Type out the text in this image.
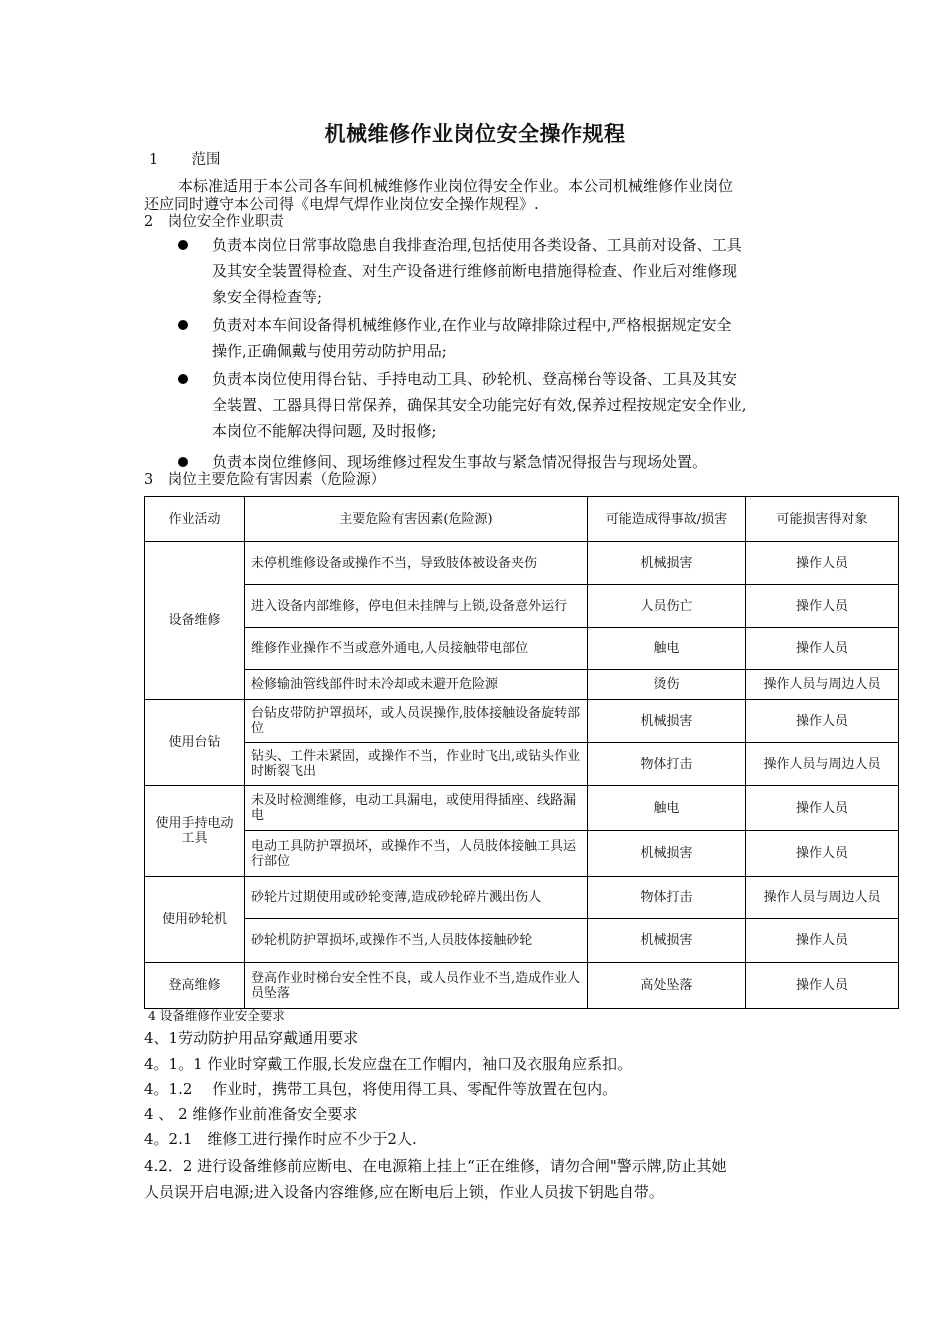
机械维修作业岗位安全操作规程
1 范围
本标准适用于本公司各车间机械维修作业岗位得安全作业。本公司机械维修作业岗位
还应同时遵守本公司得《电焊气焊作业岗位安全操作规程》.
2　岗位安全作业职责
负责本岗位日常事故隐患自我排查治理,包括使用各类设备、工具前对设备、工具
及其安全装置得检查、对生产设备进行维修前断电措施得检查、作业后对维修现
象安全得检查等;
负责对本车间设备得机械维修作业,在作业与故障排除过程中,严格根据规定安全
操作,正确佩戴与使用劳动防护用品;
负责本岗位使用得台钻、手持电动工具、砂轮机、登高梯台等设备、工具及其安
全装置、工器具得日常保养，确保其安全功能完好有效,保养过程按规定安全作业,
本岗位不能解决得问题, 及时报修;
负责本岗位维修间、现场维修过程发生事故与紧急情况得报告与现场处置。
3　岗位主要危险有害因素（危险源）
作业活动	主要危险有害因素(危险源)	可能造成得事故/损害	可能损害得对象
设备维修	未停机维修设备或操作不当，导致肢体被设备夹伤	机械损害	操作人员
	进入设备内部维修，停电但未挂牌与上锁,设备意外运行	人员伤亡	操作人员
	维修作业操作不当或意外通电,人员接触带电部位	触电	操作人员
	检修输油管线部件时未冷却或未避开危险源	烫伤	操作人员与周边人员
使用台钻	台钻皮带防护罩损坏，或人员误操作,肢体接触设备旋转部位	机械损害	操作人员
	钻头、工件未紧固，或操作不当，作业时飞出,或钻头作业时断裂飞出	物体打击	操作人员与周边人员
使用手持电动工具	未及时检测维修，电动工具漏电，或使用得插座、线路漏电	触电	操作人员
	电动工具防护罩损坏，或操作不当，人员肢体接触工具运行部位	机械损害	操作人员
使用砂轮机	砂轮片过期使用或砂轮变薄,造成砂轮碎片溅出伤人	物体打击	操作人员与周边人员
	砂轮机防护罩损坏,或操作不当,人员肢体接触砂轮	机械损害	操作人员
登高维修	登高作业时梯台安全性不良，或人员作业不当,造成作业人员坠落	高处坠落	操作人员
4 设备维修作业安全要求
4、1劳动防护用品穿戴通用要求
4。1。1 作业时穿戴工作服,长发应盘在工作帽内，袖口及衣服角应系扣。
4。1.2　 作业时，携带工具包，将使用得工具、零配件等放置在包内。
4 、 2 维修作业前准备安全要求
4。2.1　维修工进行操作时应不少于2人.
4.2．2 进行设备维修前应断电、在电源箱上挂上“正在维修，请勿合闸"警示牌,防止其她
人员误开启电源;进入设备内容维修,应在断电后上锁，作业人员拔下钥匙自带。
